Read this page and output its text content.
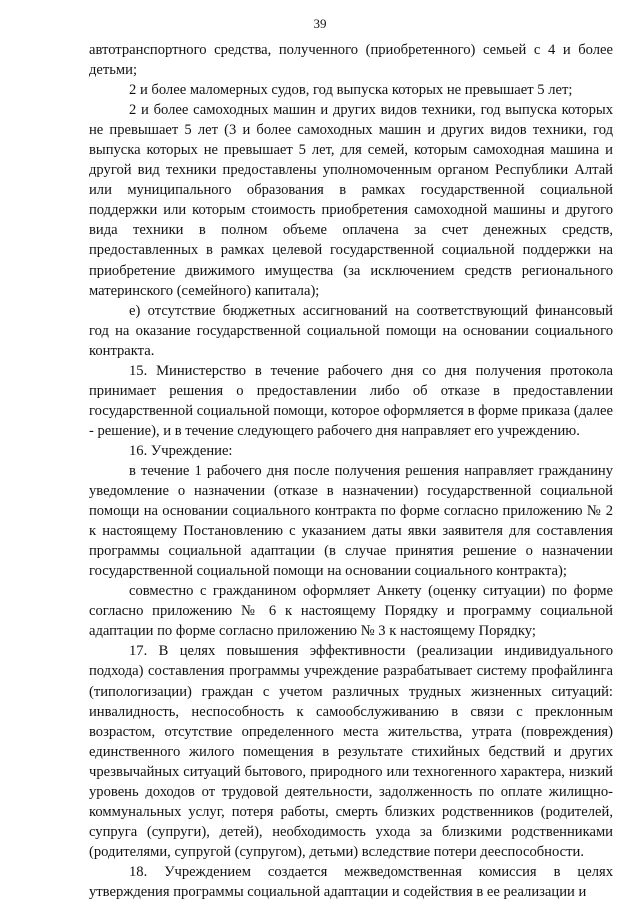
39

автотранспортного средства, полученного (приобретенного) семьей с 4 и более детьми;

2 и более маломерных судов, год выпуска которых не превышает 5 лет;

2 и более самоходных машин и других видов техники, год выпуска которых не превышает 5 лет (3 и более самоходных машин и других видов техники, год выпуска которых не превышает 5 лет, для семей, которым самоходная машина и другой вид техники предоставлены уполномоченным органом Республики Алтай или муниципального образования в рамках государственной социальной поддержки или которым стоимость приобретения самоходной машины и другого вида техники в полном объеме оплачена за счет денежных средств, предоставленных в рамках целевой государственной социальной поддержки на приобретение движимого имущества (за исключением средств регионального материнского (семейного) капитала);

е) отсутствие бюджетных ассигнований на соответствующий финансовый год на оказание государственной социальной помощи на основании социального контракта.

15. Министерство в течение рабочего дня со дня получения протокола принимает решения о предоставлении либо об отказе в предоставлении государственной социальной помощи, которое оформляется в форме приказа (далее - решение), и в течение следующего рабочего дня направляет его учреждению.

16. Учреждение:

в течение 1 рабочего дня после получения решения направляет гражданину уведомление о назначении (отказе в назначении) государственной социальной помощи на основании социального контракта по форме согласно приложению № 2 к настоящему Постановлению с указанием даты явки заявителя для составления программы социальной адаптации (в случае принятия решение о назначении государственной социальной помощи на основании социального контракта);

совместно с гражданином оформляет Анкету (оценку ситуации) по форме согласно приложению № 6 к настоящему Порядку и программу социальной адаптации по форме согласно приложению № 3 к настоящему Порядку;

17. В целях повышения эффективности (реализации индивидуального подхода) составления программы учреждение разрабатывает систему профайлинга (типологизации) граждан с учетом различных трудных жизненных ситуаций: инвалидность, неспособность к самообслуживанию в связи с преклонным возрастом, отсутствие определенного места жительства, утрата (повреждения) единственного жилого помещения в результате стихийных бедствий и других чрезвычайных ситуаций бытового, природного или техногенного характера, низкий уровень доходов от трудовой деятельности, задолженность по оплате жилищно-коммунальных услуг, потеря работы, смерть близких родственников (родителей, супруга (супруги), детей), необходимость ухода за близкими родственниками (родителями, супругой (супругом), детьми) вследствие потери дееспособности.

18. Учреждением создается межведомственная комиссия в целях утверждения программы социальной адаптации и содействия в ее реализации и
